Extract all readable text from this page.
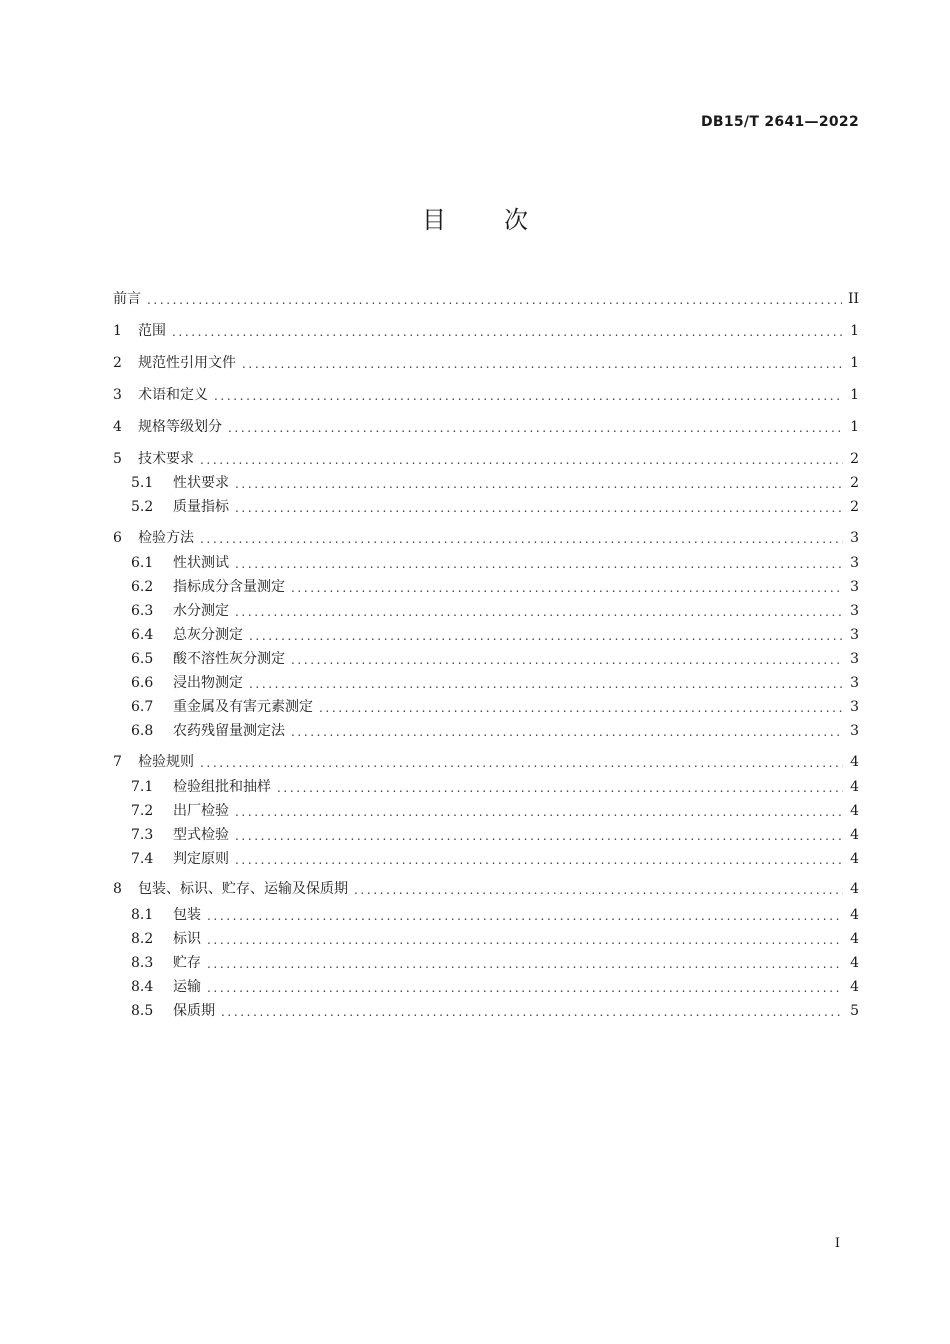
DB15/T 2641—2022
目 次
前言 .....	II
1	范围 .....	1
2	规范性引用文件 .....	1
3	术语和定义 .....	1
4	规格等级划分 .....	1
5	技术要求 .....	2
5.1	性状要求 .....	2
5.2	质量指标 .....	2
6	检验方法 .....	3
6.1	性状测试 .....	3
6.2	指标成分含量测定 .....	3
6.3	水分测定 .....	3
6.4	总灰分测定 .....	3
6.5	酸不溶性灰分测定 .....	3
6.6	浸出物测定 .....	3
6.7	重金属及有害元素测定 .....	3
6.8	农药残留量测定法 .....	3
7	检验规则 .....	4
7.1	检验组批和抽样 .....	4
7.2	出厂检验 .....	4
7.3	型式检验 .....	4
7.4	判定原则 .....	4
8	包装、标识、贮存、运输及保质期 .....	4
8.1	包装 .....	4
8.2	标识 .....	4
8.3	贮存 .....	4
8.4	运输 .....	4
8.5	保质期 .....	5
I
